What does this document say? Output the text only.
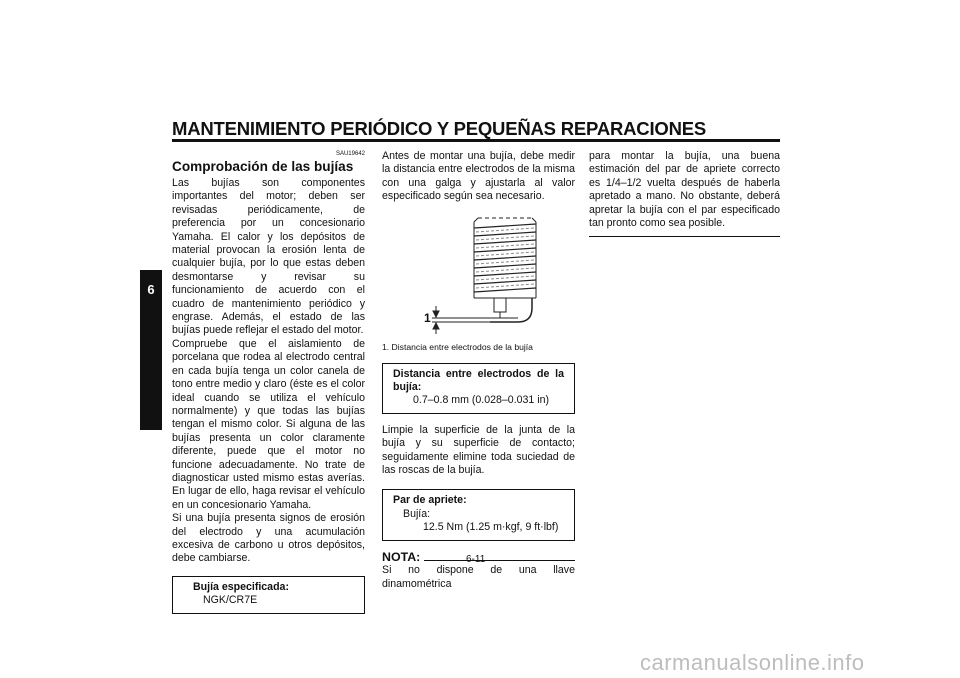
MANTENIMIENTO PERIÓDICO Y PEQUEÑAS REPARACIONES
6
SAU19642
Comprobación de las bujías

Las bujías son componentes importantes del motor; deben ser revisadas periódicamente, de preferencia por un concesionario Yamaha. El calor y los depósitos de material provocan la erosión lenta de cualquier bujía, por lo que estas deben desmontarse y revisar su funcionamiento de acuerdo con el cuadro de mantenimiento periódico y engrase. Además, el estado de las bujías puede reflejar el estado del motor.

Compruebe que el aislamiento de porcelana que rodea al electrodo central en cada bujía tenga un color canela de tono entre medio y claro (éste es el color ideal cuando se utiliza el vehículo normalmente) y que todas las bujías tengan el mismo color. Si alguna de las bujías presenta un color claramente diferente, puede que el motor no funcione adecuadamente. No trate de diagnosticar usted mismo estas averías. En lugar de ello, haga revisar el vehículo en un concesionario Yamaha.

Si una bujía presenta signos de erosión del electrodo y una acumulación excesiva de carbono u otros depósitos, debe cambiarse.

Bujía especificada:
NGK/CR7E

Antes de montar una bujía, debe medir la distancia entre electrodos de la misma con una galga y ajustarla al valor especificado según sea necesario.

1
1. Distancia entre electrodos de la bujía
Distancia entre electrodos de la bujía:
0.7–0.8 mm (0.028–0.031 in)

Limpie la superficie de la junta de la bujía y su superficie de contacto; seguidamente elimine toda suciedad de las roscas de la bujía.

Par de apriete:
Bujía:
12.5 Nm (1.25 m·kgf, 9 ft·lbf)
NOTA:

Si no dispone de una llave dinamométrica

para montar la bujía, una buena estimación del par de apriete correcto es 1/4–1/2 vuelta después de haberla apretado a mano. No obstante, deberá apretar la bujía con el par especificado tan pronto como sea posible.

6-11
carmanualsonline.info
